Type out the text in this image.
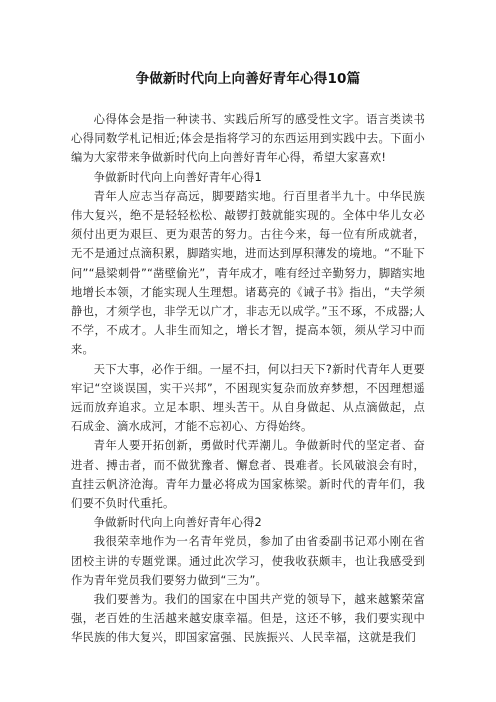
争做新时代向上向善好青年心得10篇

心得体会是指一种读书、实践后所写的感受性文字。语言类读书心得同数学札记相近;体会是指将学习的东西运用到实践中去。下面小编为大家带来争做新时代向上向善好青年心得，希望大家喜欢!

争做新时代向上向善好青年心得1

青年人应志当存高远，脚要踏实地。行百里者半九十。中华民族伟大复兴，绝不是轻轻松松、敲锣打鼓就能实现的。全体中华儿女必须付出更为艰巨、更为艰苦的努力。古往今来，每一位有所成就者，无不是通过点滴积累，脚踏实地，进而达到厚积薄发的境地。“不耻下问”“悬梁刺骨”“凿壁偷光”，青年成才，唯有经过辛勤努力，脚踏实地地增长本领，才能实现人生理想。诸葛亮的《诫子书》指出，“夫学须静也，才须学也，非学无以广才，非志无以成学。”玉不琢，不成器;人不学，不成才。人非生而知之，增长才智，提高本领，须从学习中而来。

天下大事，必作于细。一屋不扫，何以扫天下?新时代青年人更要牢记“空谈误国，实干兴邦”，不困现实复杂而放弃梦想，不因理想遥远而放弃追求。立足本职、埋头苦干。从自身做起、从点滴做起，点石成金、滴水成河，才能不忘初心、方得始终。

青年人要开拓创新，勇做时代弄潮儿。争做新时代的坚定者、奋进者、搏击者，而不做犹豫者、懈怠者、畏难者。长风破浪会有时，直挂云帆济沧海。青年力量必将成为国家栋梁。新时代的青年们，我们要不负时代重托。

争做新时代向上向善好青年心得2

我很荣幸地作为一名青年党员，参加了由省委副书记邓小刚在省团校主讲的专题党课。通过此次学习，使我收获颇丰，也让我感受到作为青年党员我们要努力做到“三为”。

我们要善为。我们的国家在中国共产党的领导下，越来越繁荣富强，老百姓的生活越来越安康幸福。但是，这还不够，我们要实现中华民族的伟大复兴，即国家富强、民族振兴、人民幸福，这就是我们
